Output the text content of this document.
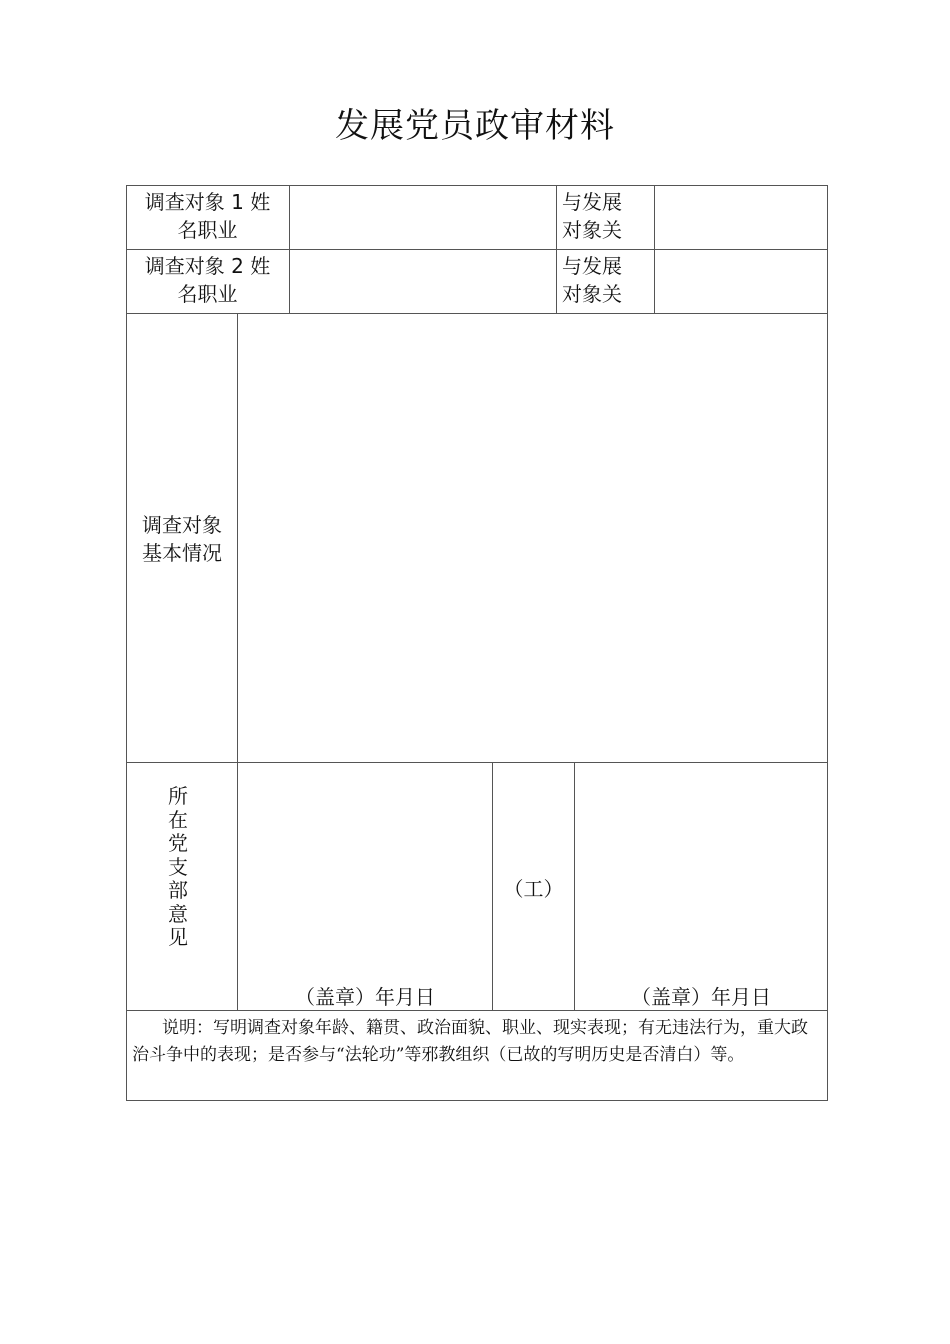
发展党员政审材料
调查对象 1 姓名职业
与发展对象关
调查对象 2 姓名职业
与发展对象关
调查对象基本情况
所在党支部意见
（盖章）年月日
（工）
（盖章）年月日
说明：写明调查对象年龄、籍贯、政治面貌、职业、现实表现；有无违法行为，重大政治斗争中的表现；是否参与“法轮功”等邪教组织（已故的写明历史是否清白）等。
